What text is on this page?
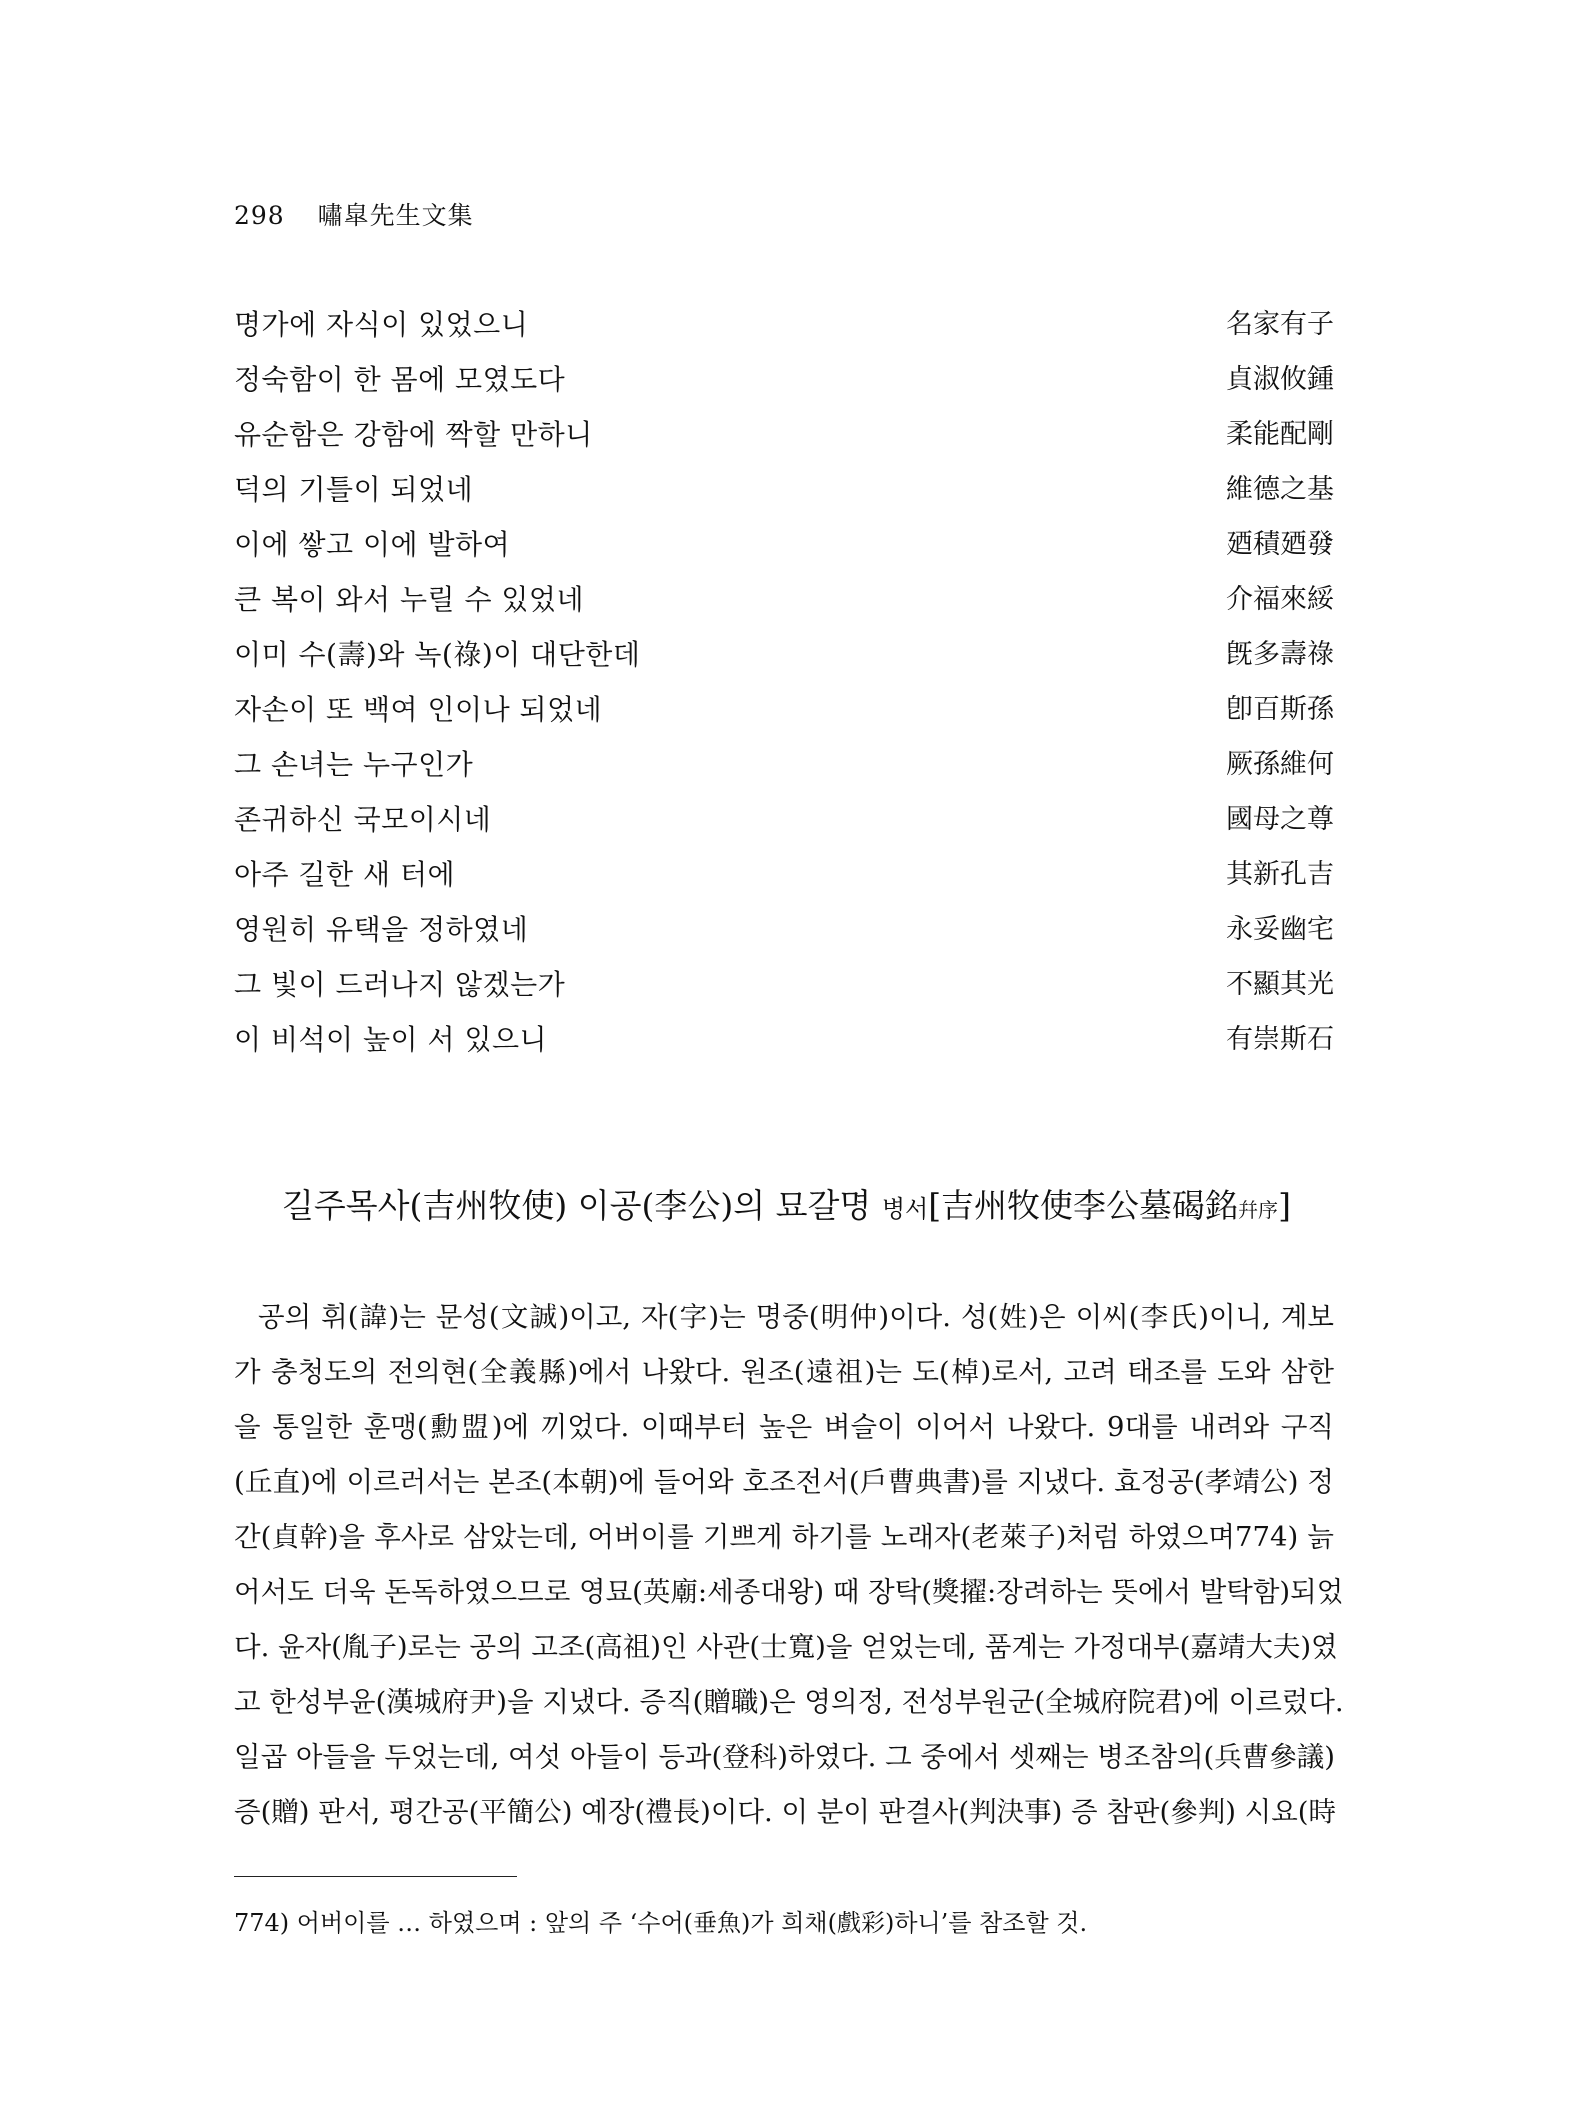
298 嘯皐先生文集
명가에 자식이 있었으니	名家有子
정숙함이 한 몸에 모였도다	貞淑攸鍾
유순함은 강함에 짝할 만하니	柔能配剛
덕의 기틀이 되었네	維德之基
이에 쌓고 이에 발하여	廼積廼發
큰 복이 와서 누릴 수 있었네	介福來綏
이미 수(壽)와 녹(祿)이 대단한데	旣多壽祿
자손이 또 백여 인이나 되었네	卽百斯孫
그 손녀는 누구인가	厥孫維何
존귀하신 국모이시네	國母之尊
아주 길한 새 터에	其新孔吉
영원히 유택을 정하였네	永妥幽宅
그 빛이 드러나지 않겠는가	不顯其光
이 비석이 높이 서 있으니	有崇斯石
길주목사(吉州牧使) 이공(李公)의 묘갈명 병서[吉州牧使李公墓碣銘幷序]
공의 휘(諱)는 문성(文誠)이고, 자(字)는 명중(明仲)이다. 성(姓)은 이씨(李氏)이니, 계보
가 충청도의 전의현(全義縣)에서 나왔다. 원조(遠祖)는 도(棹)로서, 고려 태조를 도와 삼한
을 통일한 훈맹(勳盟)에 끼었다. 이때부터 높은 벼슬이 이어서 나왔다. 9대를 내려와 구직
(丘直)에 이르러서는 본조(本朝)에 들어와 호조전서(戶曹典書)를 지냈다. 효정공(孝靖公) 정
간(貞幹)을 후사로 삼았는데, 어버이를 기쁘게 하기를 노래자(老萊子)처럼 하였으며774) 늙
어서도 더욱 돈독하였으므로 영묘(英廟:세종대왕) 때 장탁(獎擢:장려하는 뜻에서 발탁함)되었
다. 윤자(胤子)로는 공의 고조(高祖)인 사관(士寬)을 얻었는데, 품계는 가정대부(嘉靖大夫)였
고 한성부윤(漢城府尹)을 지냈다. 증직(贈職)은 영의정, 전성부원군(全城府院君)에 이르렀다.
일곱 아들을 두었는데, 여섯 아들이 등과(登科)하였다. 그 중에서 셋째는 병조참의(兵曹參議)
증(贈) 판서, 평간공(平簡公) 예장(禮長)이다. 이 분이 판결사(判決事) 증 참판(參判) 시요(時
774) 어버이를 … 하였으며 : 앞의 주 ‘수어(垂魚)가 희채(戲彩)하니’를 참조할 것.
